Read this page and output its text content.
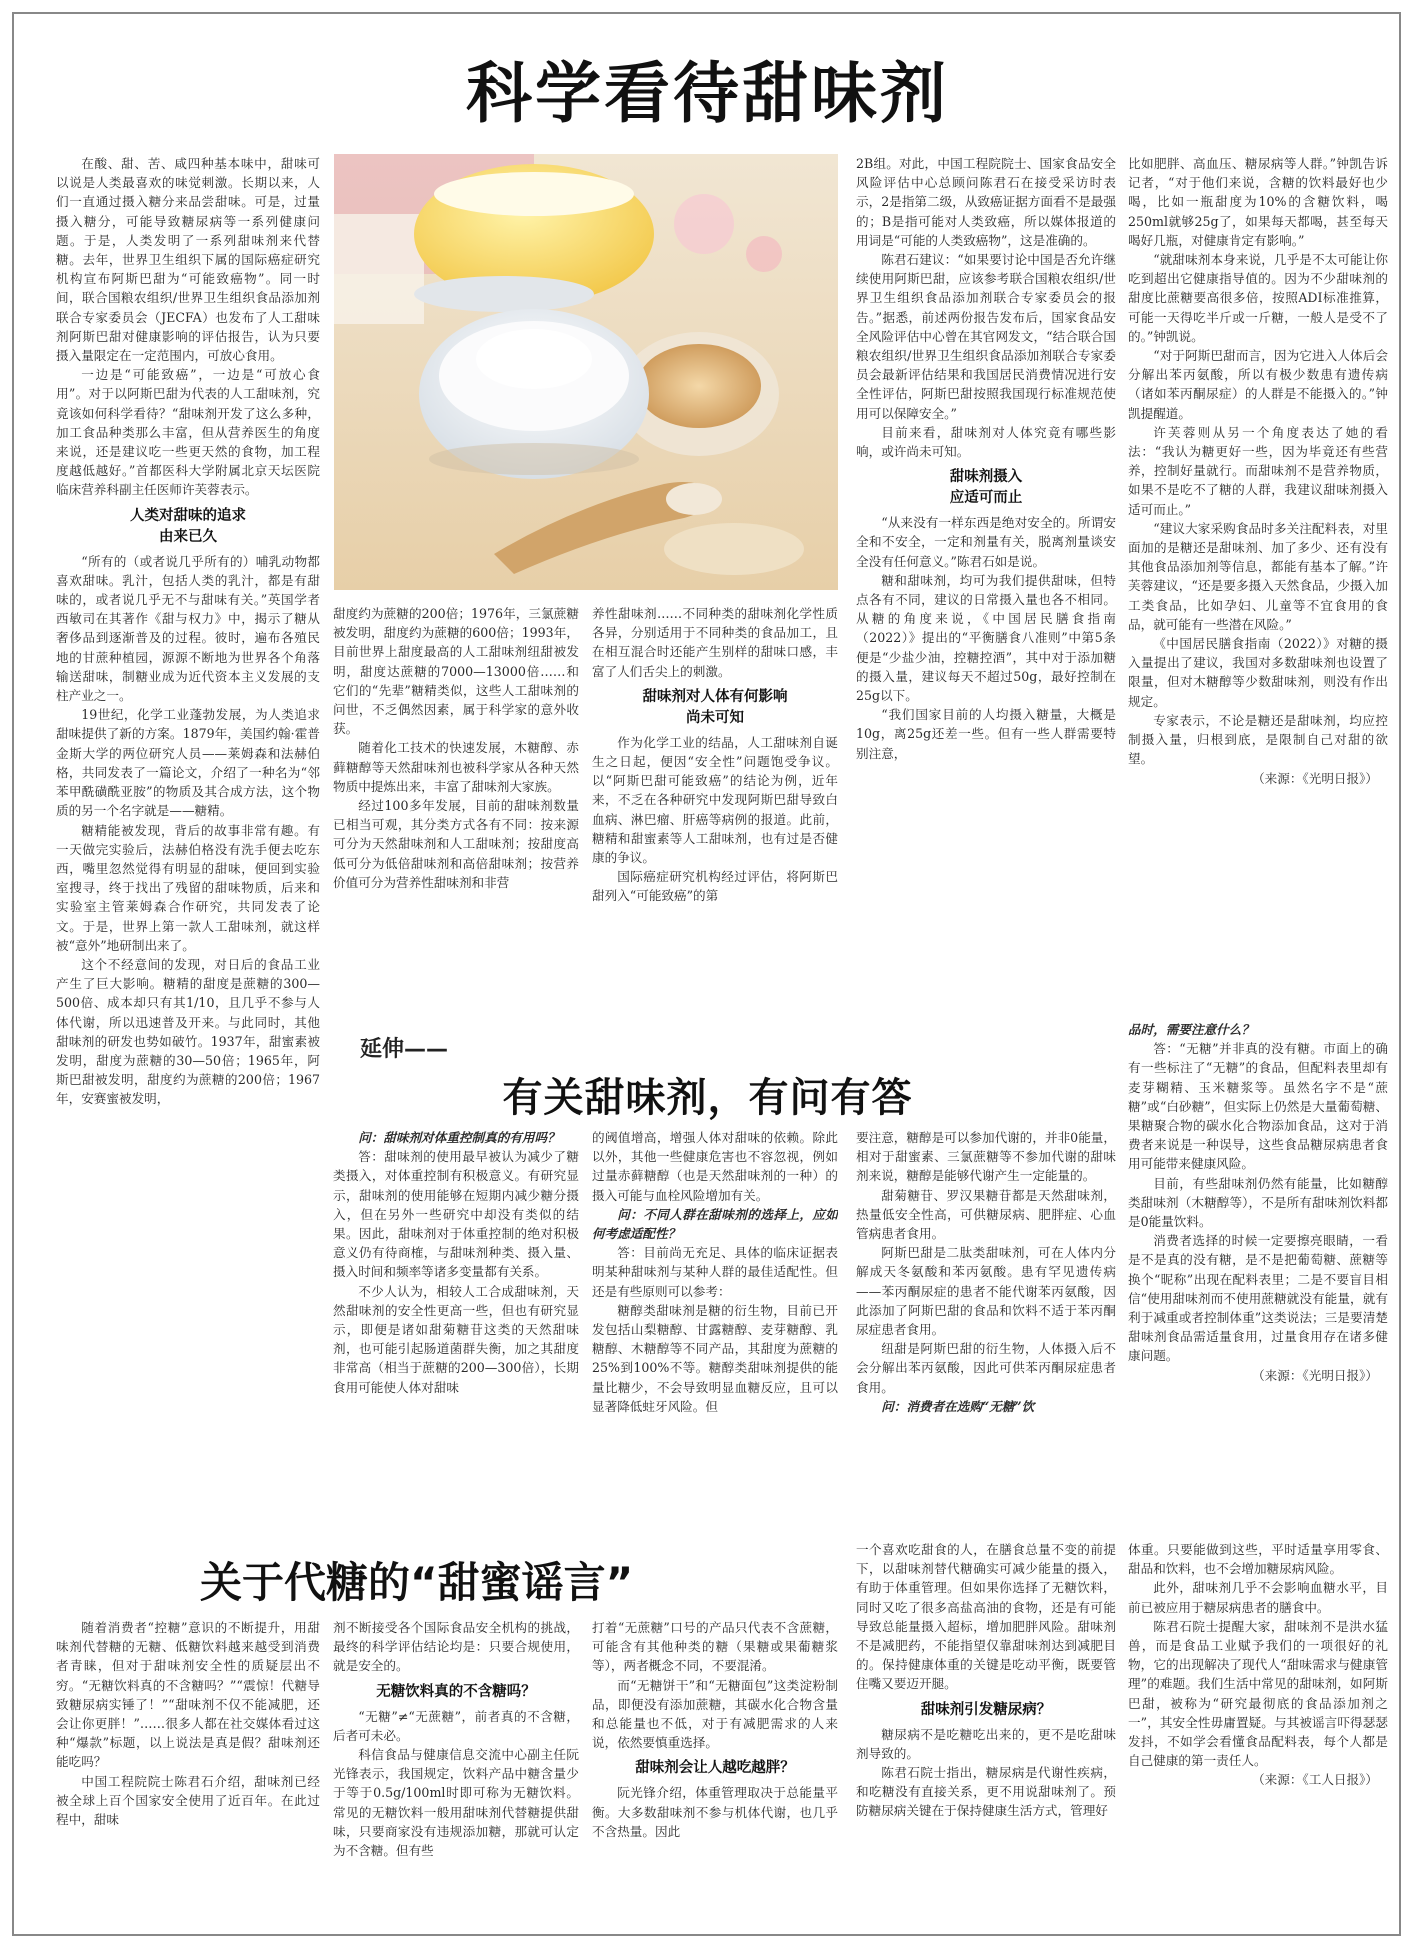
科学看待甜味剂

在酸、甜、苦、咸四种基本味中，甜味可以说是人类最喜欢的味觉刺激。长期以来，人们一直通过摄入糖分来品尝甜味。可是，过量摄入糖分，可能导致糖尿病等一系列健康问题。于是，人类发明了一系列甜味剂来代替糖。去年，世界卫生组织下属的国际癌症研究机构宣布阿斯巴甜为“可能致癌物”。同一时间，联合国粮农组织/世界卫生组织食品添加剂联合专家委员会（JECFA）也发布了人工甜味剂阿斯巴甜对健康影响的评估报告，认为只要摄入量限定在一定范围内，可放心食用。

一边是“可能致癌”，一边是“可放心食用”。对于以阿斯巴甜为代表的人工甜味剂，究竟该如何科学看待？“甜味剂开发了这么多种，加工食品种类那么丰富，但从营养医生的角度来说，还是建议吃一些更天然的食物，加工程度越低越好。”首都医科大学附属北京天坛医院临床营养科副主任医师许芙蓉表示。

人类对甜味的追求
由来已久

“所有的（或者说几乎所有的）哺乳动物都喜欢甜味。乳汁，包括人类的乳汁，都是有甜味的，或者说几乎无不与甜味有关。”英国学者西敏司在其著作《甜与权力》中，揭示了糖从奢侈品到逐渐普及的过程。彼时，遍布各殖民地的甘蔗种植园，源源不断地为世界各个角落输送甜味，制糖业成为近代资本主义发展的支柱产业之一。

19世纪，化学工业蓬勃发展，为人类追求甜味提供了新的方案。1879年，美国约翰·霍普金斯大学的两位研究人员——莱姆森和法赫伯格，共同发表了一篇论文，介绍了一种名为“邻苯甲酰磺酰亚胺”的物质及其合成方法，这个物质的另一个名字就是——糖精。

糖精能被发现，背后的故事非常有趣。有一天做完实验后，法赫伯格没有洗手便去吃东西，嘴里忽然觉得有明显的甜味，便回到实验室搜寻，终于找出了残留的甜味物质，后来和实验室主管莱姆森合作研究，共同发表了论文。于是，世界上第一款人工甜味剂，就这样被“意外”地研制出来了。

这个不经意间的发现，对日后的食品工业产生了巨大影响。糖精的甜度是蔗糖的300—500倍、成本却只有其1/10，且几乎不参与人体代谢，所以迅速普及开来。与此同时，其他甜味剂的研发也势如破竹。1937年，甜蜜素被发明，甜度为蔗糖的30—50倍；1965年，阿斯巴甜被发明，甜度约为蔗糖的200倍；1967年，安赛蜜被发明，

甜度约为蔗糖的200倍；1976年，三氯蔗糖被发明，甜度约为蔗糖的600倍；1993年，目前世界上甜度最高的人工甜味剂纽甜被发明，甜度达蔗糖的7000—13000倍……和它们的“先辈”糖精类似，这些人工甜味剂的问世，不乏偶然因素，属于科学家的意外收获。

随着化工技术的快速发展，木糖醇、赤藓糖醇等天然甜味剂也被科学家从各种天然物质中提炼出来，丰富了甜味剂大家族。

经过100多年发展，目前的甜味剂数量已相当可观，其分类方式各有不同：按来源可分为天然甜味剂和人工甜味剂；按甜度高低可分为低倍甜味剂和高倍甜味剂；按营养价值可分为营养性甜味剂和非营

养性甜味剂……不同种类的甜味剂化学性质各异，分别适用于不同种类的食品加工，且在相互混合时还能产生别样的甜味口感，丰富了人们舌尖上的刺激。

甜味剂对人体有何影响
尚未可知

作为化学工业的结晶，人工甜味剂自诞生之日起，便因“安全性”问题饱受争议。以“阿斯巴甜可能致癌”的结论为例，近年来，不乏在各种研究中发现阿斯巴甜导致白血病、淋巴瘤、肝癌等病例的报道。此前，糖精和甜蜜素等人工甜味剂，也有过是否健康的争议。

国际癌症研究机构经过评估，将阿斯巴甜列入“可能致癌”的第

2B组。对此，中国工程院院士、国家食品安全风险评估中心总顾问陈君石在接受采访时表示，2是指第二级，从致癌证据方面看不是最强的；B是指可能对人类致癌，所以媒体报道的用词是“可能的人类致癌物”，这是准确的。

陈君石建议：“如果要讨论中国是否允许继续使用阿斯巴甜，应该参考联合国粮农组织/世界卫生组织食品添加剂联合专家委员会的报告。”据悉，前述两份报告发布后，国家食品安全风险评估中心曾在其官网发文，“结合联合国粮农组织/世界卫生组织食品添加剂联合专家委员会最新评估结果和我国居民消费情况进行安全性评估，阿斯巴甜按照我国现行标准规范使用可以保障安全。”

目前来看，甜味剂对人体究竟有哪些影响，或许尚未可知。

甜味剂摄入
应适可而止

“从来没有一样东西是绝对安全的。所谓安全和不安全，一定和剂量有关，脱离剂量谈安全没有任何意义。”陈君石如是说。

糖和甜味剂，均可为我们提供甜味，但特点各有不同，建议的日常摄入量也各不相同。从糖的角度来说，《中国居民膳食指南（2022）》提出的“平衡膳食八准则”中第5条便是“少盐少油，控糖控酒”，其中对于添加糖的摄入量，建议每天不超过50g，最好控制在25g以下。

“我们国家目前的人均摄入糖量，大概是10g，离25g还差一些。但有一些人群需要特别注意，

比如肥胖、高血压、糖尿病等人群。”钟凯告诉记者，“对于他们来说，含糖的饮料最好也少喝，比如一瓶甜度为10%的含糖饮料，喝250ml就够25g了，如果每天都喝，甚至每天喝好几瓶，对健康肯定有影响。”

“就甜味剂本身来说，几乎是不太可能让你吃到超出它健康指导值的。因为不少甜味剂的甜度比蔗糖要高很多倍，按照ADI标准推算，可能一天得吃半斤或一斤糖，一般人是受不了的。”钟凯说。

“对于阿斯巴甜而言，因为它进入人体后会分解出苯丙氨酸，所以有极少数患有遗传病（诸如苯丙酮尿症）的人群是不能摄入的。”钟凯提醒道。

许芙蓉则从另一个角度表达了她的看法：“我认为糖更好一些，因为毕竟还有些营养，控制好量就行。而甜味剂不是营养物质，如果不是吃不了糖的人群，我建议甜味剂摄入适可而止。”

“建议大家采购食品时多关注配料表，对里面加的是糖还是甜味剂、加了多少、还有没有其他食品添加剂等信息，都能有基本了解。”许芙蓉建议，“还是要多摄入天然食品，少摄入加工类食品，比如孕妇、儿童等不宜食用的食品，就可能有一些潜在风险。”

《中国居民膳食指南（2022）》对糖的摄入量提出了建议，我国对多数甜味剂也设置了限量，但对木糖醇等少数甜味剂，则没有作出规定。

专家表示，不论是糖还是甜味剂，均应控制摄入量，归根到底，是限制自己对甜的欲望。

（来源：《光明日报》）

延伸——
有关甜味剂，有问有答

问：甜味剂对体重控制真的有用吗？

答：甜味剂的使用最早被认为减少了糖类摄入，对体重控制有积极意义。有研究显示，甜味剂的使用能够在短期内减少糖分摄入，但在另外一些研究中却没有类似的结果。因此，甜味剂对于体重控制的绝对积极意义仍有待商榷，与甜味剂种类、摄入量、摄入时间和频率等诸多变量都有关系。

不少人认为，相较人工合成甜味剂，天然甜味剂的安全性更高一些，但也有研究显示，即便是诸如甜菊糖苷这类的天然甜味剂，也可能引起肠道菌群失衡，加之其甜度非常高（相当于蔗糖的200—300倍），长期食用可能使人体对甜味

的阈值增高，增强人体对甜味的依赖。除此以外，其他一些健康危害也不容忽视，例如过量赤藓糖醇（也是天然甜味剂的一种）的摄入可能与血栓风险增加有关。

问：不同人群在甜味剂的选择上，应如何考虑适配性？

答：目前尚无充足、具体的临床证据表明某种甜味剂与某种人群的最佳适配性。但还是有些原则可以参考：

糖醇类甜味剂是糖的衍生物，目前已开发包括山梨糖醇、甘露糖醇、麦芽糖醇、乳糖醇、木糖醇等不同产品，其甜度为蔗糖的25%到100%不等。糖醇类甜味剂提供的能量比糖少，不会导致明显血糖反应，且可以显著降低蛀牙风险。但

要注意，糖醇是可以参加代谢的，并非0能量，相对于甜蜜素、三氯蔗糖等不参加代谢的甜味剂来说，糖醇是能够代谢产生一定能量的。

甜菊糖苷、罗汉果糖苷都是天然甜味剂，热量低安全性高，可供糖尿病、肥胖症、心血管病患者食用。

阿斯巴甜是二肽类甜味剂，可在人体内分解成天冬氨酸和苯丙氨酸。患有罕见遗传病——苯丙酮尿症的患者不能代谢苯丙氨酸，因此添加了阿斯巴甜的食品和饮料不适于苯丙酮尿症患者食用。

纽甜是阿斯巴甜的衍生物，人体摄入后不会分解出苯丙氨酸，因此可供苯丙酮尿症患者食用。

问：消费者在选购“无糖”饮

品时，需要注意什么？

答：“无糖”并非真的没有糖。市面上的确有一些标注了“无糖”的食品，但配料表里却有麦芽糊精、玉米糖浆等。虽然名字不是“蔗糖”或“白砂糖”，但实际上仍然是大量葡萄糖、果糖聚合物的碳水化合物添加食品，这对于消费者来说是一种误导，这些食品糖尿病患者食用可能带来健康风险。

目前，有些甜味剂仍然有能量，比如糖醇类甜味剂（木糖醇等），不是所有甜味剂饮料都是0能量饮料。

消费者选择的时候一定要擦亮眼睛，一看是不是真的没有糖，是不是把葡萄糖、蔗糖等换个“昵称”出现在配料表里；二是不要盲目相信“使用甜味剂而不使用蔗糖就没有能量，就有利于减重或者控制体重”这类说法；三是要清楚甜味剂食品需适量食用，过量食用存在诸多健康问题。

（来源：《光明日报》）

关于代糖的“甜蜜谣言”

随着消费者“控糖”意识的不断提升，用甜味剂代替糖的无糖、低糖饮料越来越受到消费者青睐，但对于甜味剂安全性的质疑层出不穷。“无糖饮料真的不含糖吗？”“震惊！代糖导致糖尿病实锤了！”“甜味剂不仅不能减肥，还会让你更胖！”……很多人都在社交媒体看过这种“爆款”标题，以上说法是真是假？甜味剂还能吃吗？

中国工程院院士陈君石介绍，甜味剂已经被全球上百个国家安全使用了近百年。在此过程中，甜味

剂不断接受各个国际食品安全机构的挑战，最终的科学评估结论均是：只要合规使用，就是安全的。

无糖饮料真的不含糖吗？

“无糖”≠“无蔗糖”，前者真的不含糖，后者可未必。

科信食品与健康信息交流中心副主任阮光锋表示，我国规定，饮料产品中糖含量少于等于0.5g/100ml时即可称为无糖饮料。常见的无糖饮料一般用甜味剂代替糖提供甜味，只要商家没有违规添加糖，那就可认定为不含糖。但有些

打着“无蔗糖”口号的产品只代表不含蔗糖，可能含有其他种类的糖（果糖或果葡糖浆等），两者概念不同，不要混淆。

而“无糖饼干”和“无糖面包”这类淀粉制品，即便没有添加蔗糖，其碳水化合物含量和总能量也不低，对于有减肥需求的人来说，依然要慎重选择。

甜味剂会让人越吃越胖？

阮光锋介绍，体重管理取决于总能量平衡。大多数甜味剂不参与机体代谢，也几乎不含热量。因此

一个喜欢吃甜食的人，在膳食总量不变的前提下，以甜味剂替代糖确实可减少能量的摄入，有助于体重管理。但如果你选择了无糖饮料，同时又吃了很多高盐高油的食物，还是有可能导致总能量摄入超标，增加肥胖风险。甜味剂不是减肥药，不能指望仅靠甜味剂达到减肥目的。保持健康体重的关键是吃动平衡，既要管住嘴又要迈开腿。

甜味剂引发糖尿病？

糖尿病不是吃糖吃出来的，更不是吃甜味剂导致的。

陈君石院士指出，糖尿病是代谢性疾病，和吃糖没有直接关系，更不用说甜味剂了。预防糖尿病关键在于保持健康生活方式，管理好

体重。只要能做到这些，平时适量享用零食、甜品和饮料，也不会增加糖尿病风险。

此外，甜味剂几乎不会影响血糖水平，目前已被应用于糖尿病患者的膳食中。

陈君石院士提醒大家，甜味剂不是洪水猛兽，而是食品工业赋予我们的一项很好的礼物，它的出现解决了现代人“甜味需求与健康管理”的难题。我们生活中常见的甜味剂，如阿斯巴甜，被称为“研究最彻底的食品添加剂之一”，其安全性毋庸置疑。与其被谣言吓得瑟瑟发抖，不如学会看懂食品配料表，每个人都是自己健康的第一责任人。

（来源：《工人日报》）
